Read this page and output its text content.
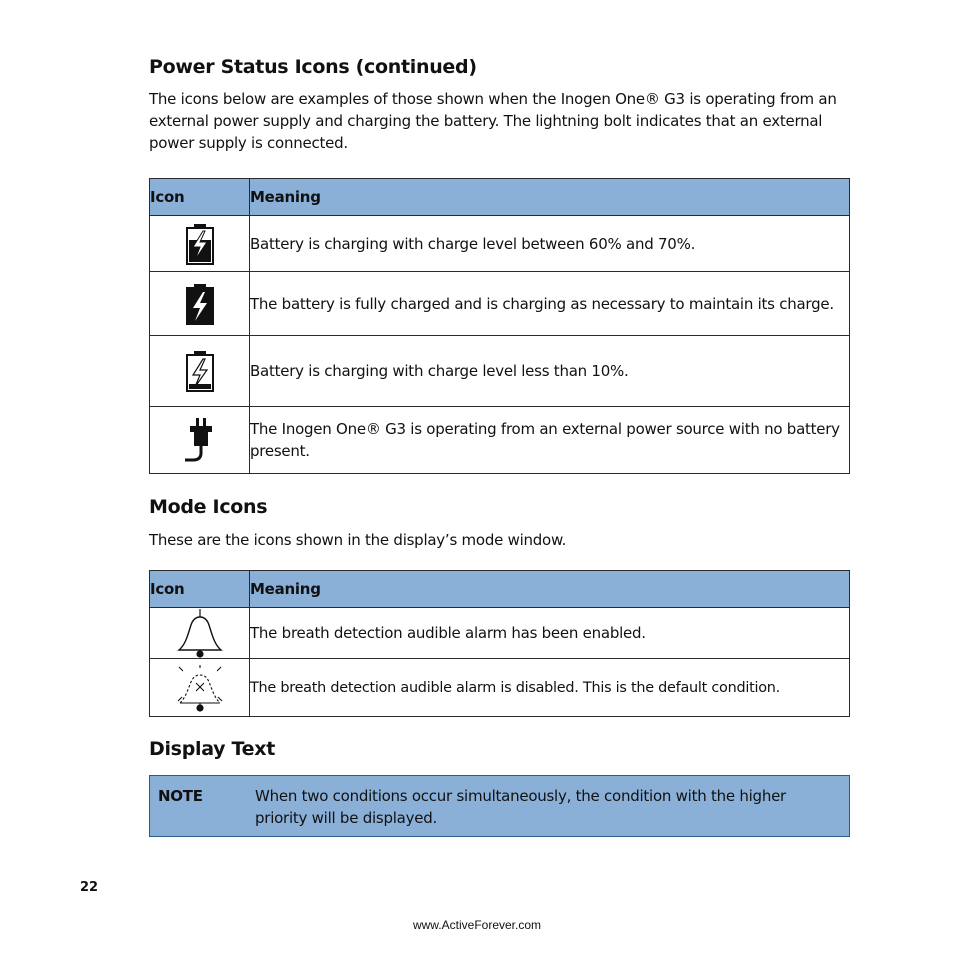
Power Status Icons (continued)

The icons below are examples of those shown when the Inogen One® G3 is operating from an external power supply and charging the battery. The lightning bolt indicates that an external power supply is connected.

Icon	Meaning

	Battery is charging with charge level between 60% and 70%.

	The battery is fully charged and is charging as necessary to maintain its charge.

	Battery is charging with charge level less than 10%.

	The Inogen One® G3 is operating from an external power source with no battery present.
Mode Icons

These are the icons shown in the display’s mode window.

Icon	Meaning

	The breath detection audible alarm has been enabled.

	The breath detection audible alarm is disabled. This is the default condition.
Display Text
NOTE	When two conditions occur simultaneously, the condition with the higher priority will be displayed.
22
www.ActiveForever.com
